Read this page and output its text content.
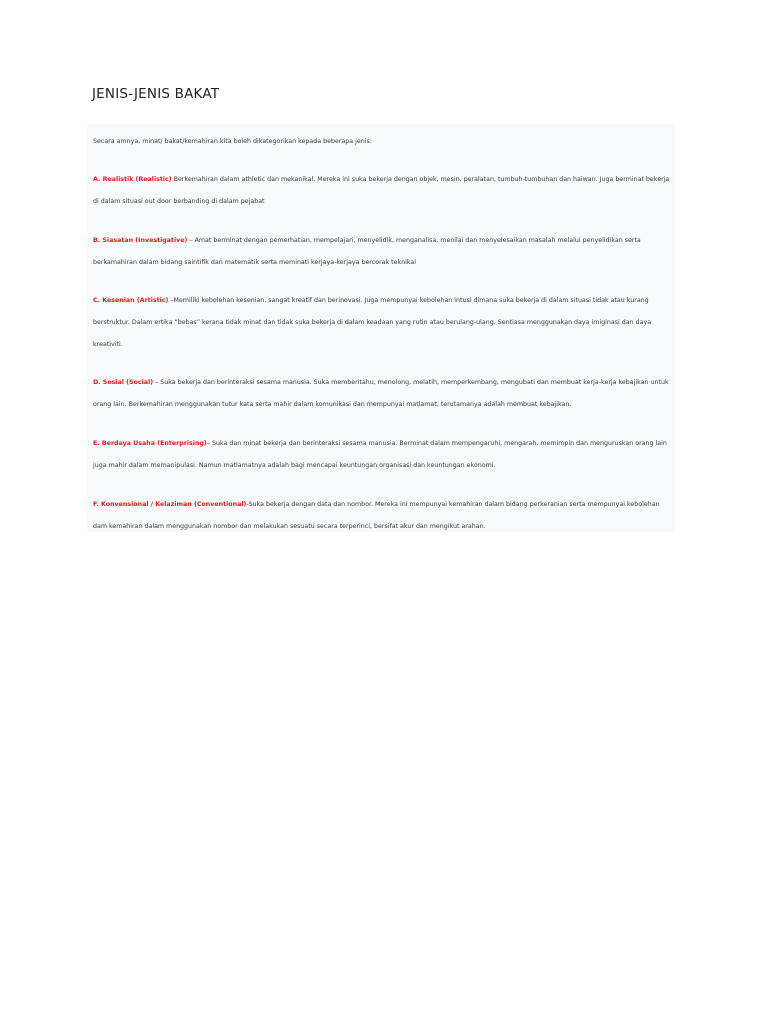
JENIS-JENIS BAKAT

Secara amnya, minat/ bakat/kemahiran kita boleh dikategorikan kepada beberapa jenis:

A. Realistik (Realistic) Berkemahiran dalam athletic dan mekanikal. Mereka ini suka bekerja dengan objek, mesin, peralatan, tumbuh-tumbuhan dan haiwan. Juga berminat bekerja di dalam situasi out door berbanding di dalam pejabat

B. Siasatan (Investigative) – Amat berminat dengan pemerhatian, mempelajari, menyelidik, menganalisa, menilai dan menyelesaikan masalah melalui penyelidikan serta berkamahiran dalam bidang saintifik dan matematik serta meminati kerjaya-kerjaya bercorak teknikal

C. Kesenian (Artistic) –Memiliki kebolehan kesenian, sangat kreatif dan berinovasi. Juga mempunyai kebolehan intusi dimana suka bekerja di dalam situasi tidak atau kurang berstruktur. Dalam ertika “bebas” kerana tidak minat dan tidak suka bekerja di dalam keadaan yang rutin atau berulang-ulang. Sentiasa menggunakan daya imiginasi dan daya kreativiti.

D. Sosial (Social) – Suka bekerja dan berinteraksi sesama manusia. Suka memberitahu, menolong, melatih, memperkembang, mengubati dan membuat kerja-kerja kebajikan untuk orang lain. Berkemahiran menggunakan tutur kata serta mahir dalam komunikasi dan mempunyai matlamat, terutamanya adalah membuat kebajikan.

E. Berdaya Usaha (Enterprising)– Suka dan minat bekerja dan berinteraksi sesama manusia. Berminat dalam mempengaruhi, mengarah, memimpin dan menguruskan orang lain juga mahir dalam memanipulasi. Namun matlamatnya adalah bagi mencapai keuntungan organisasi dan keuntungan ekonomi.

F. Konvensional / Kelaziman (Conventional)-Suka bekerja dengan data dan nombor. Mereka ini mempunyai kemahiran dalam bidang perkeranian serta mempunyai kebolehan dam kemahiran dalam menggunakan nombor dan melakukan sesuatu secara terperinci, bersifat akur dan mengikut arahan.
